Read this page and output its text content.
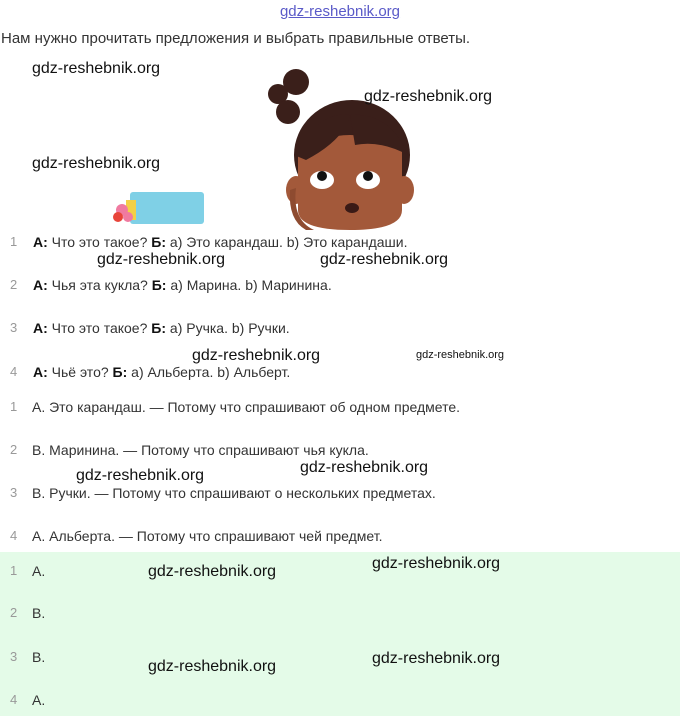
gdz-reshebnik.org
Нам нужно прочитать предложения и выбрать правильные ответы.
gdz-reshebnik.org
gdz-reshebnik.org
gdz-reshebnik.org
gdz-reshebnik.org	gdz-reshebnik.org
gdz-reshebnik.org	gdz-reshebnik.org
gdz-reshebnik.org	gdz-reshebnik.org
1	А: Что это такое? Б: a) Это карандаш. b) Это карандаши.
2	А: Чья эта кукла? Б: a) Марина. b) Маринина.
3	А: Что это такое? Б: a) Ручка. b) Ручки.
4	А: Чьё это? Б: a) Альберта. b) Альберт.
1	A. Это карандаш. — Потому что спрашивают об одном предмете.
2	B. Маринина. — Потому что спрашивают чья кукла.
3	B. Ручки. — Потому что спрашивают о нескольких предметах.
4	A. Альберта. — Потому что спрашивают чей предмет.
1	A.
2	B.
3	B.
4	A.
gdz-reshebnik.org	gdz-reshebnik.org
gdz-reshebnik.org	gdz-reshebnik.org
